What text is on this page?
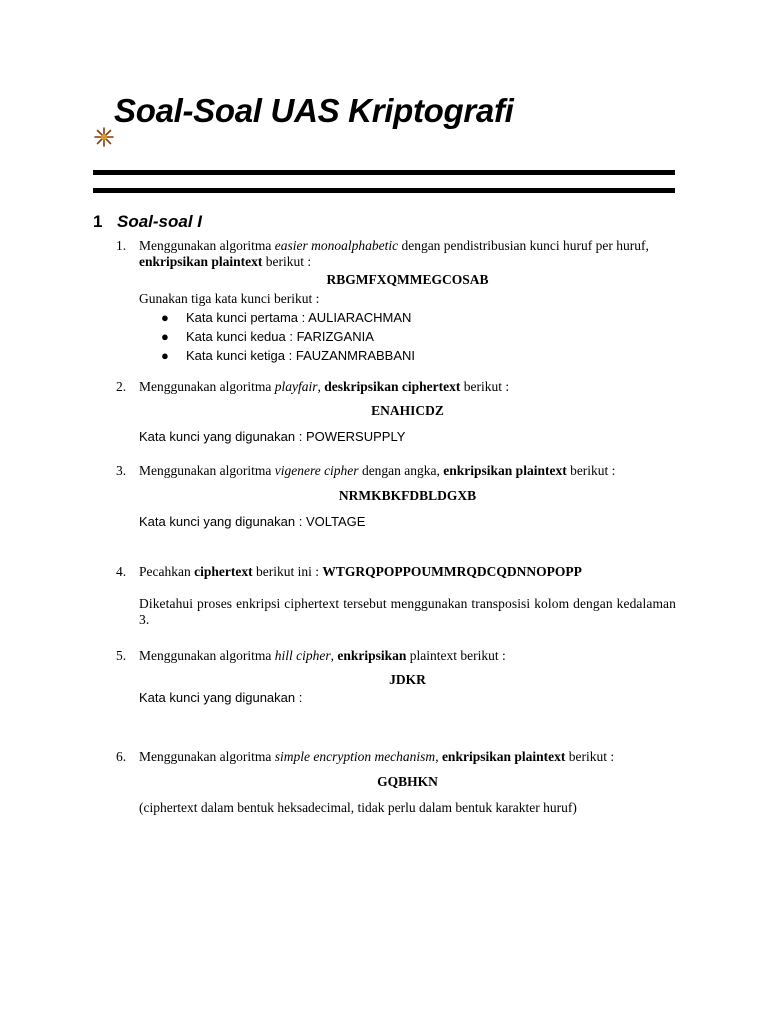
Soal-Soal UAS Kriptografi
1 Soal-soal I
1. Menggunakan algoritma easier monoalphabetic dengan pendistribusian kunci huruf per huruf, enkripsikan plaintext berikut :
RBGMFXQMMEGCOSAB
Gunakan tiga kata kunci berikut :
● Kata kunci pertama : AULIARACHMAN
● Kata kunci kedua : FARIZGANIA
● Kata kunci ketiga : FAUZANMRABBANI
2. Menggunakan algoritma playfair, deskripsikan ciphertext berikut :
ENAHICDZ
Kata kunci yang digunakan : POWERSUPPLY
3. Menggunakan algoritma vigenere cipher dengan angka, enkripsikan plaintext berikut :
NRMKBKFDBLDGXB
Kata kunci yang digunakan : VOLTAGE
4. Pecahkan ciphertext berikut ini : WTGRQPOPPOUMMRQDCQDNNOPOPP
Diketahui proses enkripsi ciphertext tersebut menggunakan transposisi kolom dengan kedalaman 3.
5. Menggunakan algoritma hill cipher, enkripsikan plaintext berikut :
JDKR
Kata kunci yang digunakan :
6. Menggunakan algoritma simple encryption mechanism, enkripsikan plaintext berikut :
GQBHKN
(ciphertext dalam bentuk heksadecimal, tidak perlu dalam bentuk karakter huruf)
